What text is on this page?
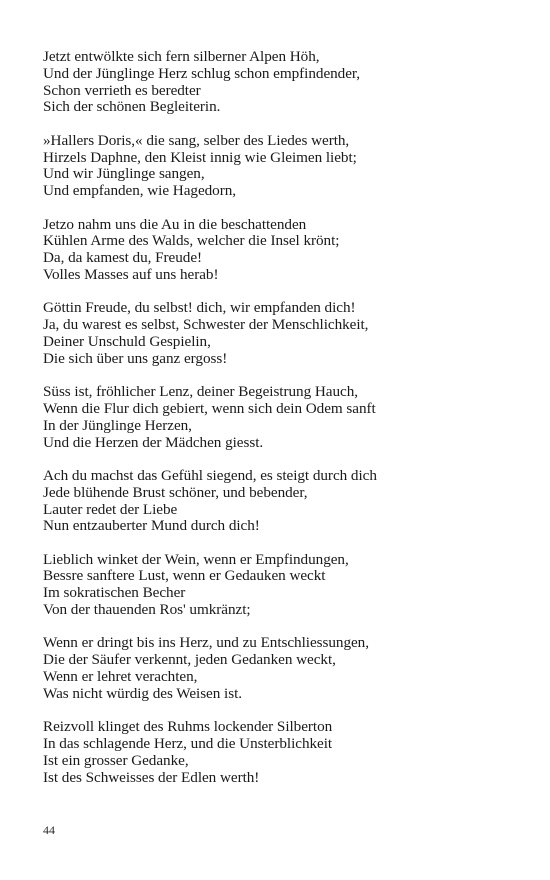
Jetzt entwölkte sich fern silberner Alpen Höh,
Und der Jünglinge Herz schlug schon empfindender,
Schon verrieth es beredter
Sich der schönen Begleiterin.
»Hallers Doris,« die sang, selber des Liedes werth,
Hirzels Daphne, den Kleist innig wie Gleimen liebt;
Und wir Jünglinge sangen,
Und empfanden, wie Hagedorn,
Jetzo nahm uns die Au in die beschattenden
Kühlen Arme des Walds, welcher die Insel krönt;
Da, da kamest du, Freude!
Volles Masses auf uns herab!
Göttin Freude, du selbst! dich, wir empfanden dich!
Ja, du warest es selbst, Schwester der Menschlichkeit,
Deiner Unschuld Gespielin,
Die sich über uns ganz ergoss!
Süss ist, fröhlicher Lenz, deiner Begeistrung Hauch,
Wenn die Flur dich gebiert, wenn sich dein Odem sanft
In der Jünglinge Herzen,
Und die Herzen der Mädchen giesst.
Ach du machst das Gefühl siegend, es steigt durch dich
Jede blühende Brust schöner, und bebender,
Lauter redet der Liebe
Nun entzauberter Mund durch dich!
Lieblich winket der Wein, wenn er Empfindungen,
Bessre sanftere Lust, wenn er Gedauken weckt
Im sokratischen Becher
Von der thauenden Ros' umkränzt;
Wenn er dringt bis ins Herz, und zu Entschliessungen,
Die der Säufer verkennt, jeden Gedanken weckt,
Wenn er lehret verachten,
Was nicht würdig des Weisen ist.
Reizvoll klinget des Ruhms lockender Silberton
In das schlagende Herz, und die Unsterblichkeit
Ist ein grosser Gedanke,
Ist des Schweisses der Edlen werth!
44
